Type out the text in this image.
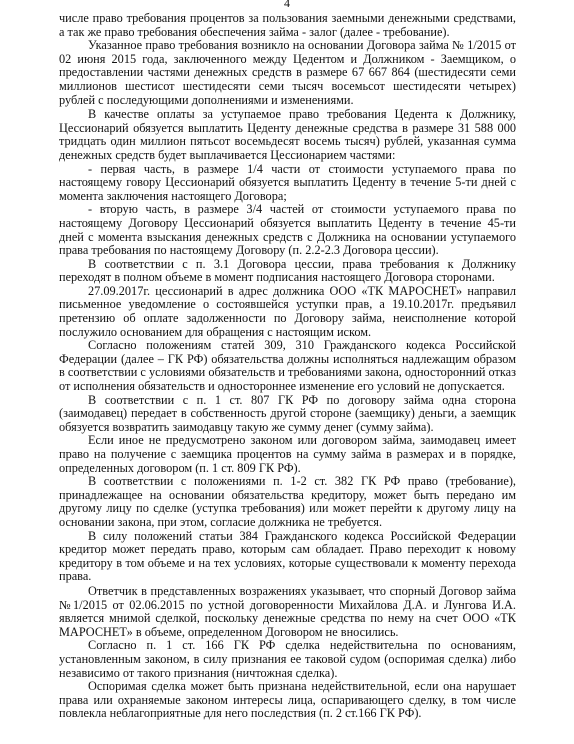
4

числе право требования процентов за пользования заемными денежными средствами, а так же право требования обеспечения займа - залог (далее - требование).

Указанное право требования возникло на основании Договора займа № 1/2015 от 02 июня 2015 года, заключенного между Цедентом и Должником - Заемщиком, о предоставлении частями денежных средств в размере 67 667 864 (шестидесяти семи миллионов шестисот шестидесяти семи тысяч восемьсот шестидесяти четырех) рублей с последующими дополнениями и изменениями.

В качестве оплаты за уступаемое право требования Цедента к Должнику, Цессионарий обязуется выплатить Цеденту денежные средства в размере 31 588 000 тридцать один миллион пятьсот восемьдесят восемь тысяч) рублей, указанная сумма денежных средств будет выплачивается Цессионарием частями:

- первая часть, в размере 1/4 части от стоимости уступаемого права по настоящему говору Цессионарий обязуется выплатить Цеденту в течение 5-ти дней с момента заключения настоящего Договора;

- вторую часть, в размере 3/4 частей от стоимости уступаемого права по настоящему Договору Цессионарий обязуется выплатить Цеденту в течение 45-ти дней с момента взыскания денежных средств с Должника на основании уступаемого права требования по настоящему Договору (п. 2.2-2.3 Договора цессии).

В соответствии с п. 3.1 Договора цессии, права требования к Должнику переходят в полном объеме в момент подписания настоящего Договора сторонами.

27.09.2017г. цессионарий в адрес должника ООО «ТК МАРОСНЕТ» направил письменное уведомление о состоявшейся уступки прав, а 19.10.2017г. предъявил претензию об оплате задолженности по Договору займа, неисполнение которой послужило основанием для обращения с настоящим иском.

Согласно положениям статей 309, 310 Гражданского кодекса Российской Федерации (далее – ГК РФ) обязательства должны исполняться надлежащим образом в соответствии с условиями обязательств и требованиями закона, односторонний отказ от исполнения обязательств и одностороннее изменение его условий не допускается.

В соответствии с п. 1 ст. 807 ГК РФ по договору займа одна сторона (заимодавец) передает в собственность другой стороне (заемщику) деньги, а заемщик обязуется возвратить заимодавцу такую же сумму денег (сумму займа).

Если иное не предусмотрено законом или договором займа, заимодавец имеет право на получение с заемщика процентов на сумму займа в размерах и в порядке, определенных договором (п. 1 ст. 809 ГК РФ).

В соответствии с положениями п. 1-2 ст. 382 ГК РФ право (требование), принадлежащее на основании обязательства кредитору, может быть передано им другому лицу по сделке (уступка требования) или может перейти к другому лицу на основании закона, при этом, согласие должника не требуется.

В силу положений статьи 384 Гражданского кодекса Российской Федерации кредитор может передать право, которым сам обладает. Право переходит к новому кредитору в том объеме и на тех условиях, которые существовали к моменту перехода права.

Ответчик в представленных возражениях указывает, что спорный Договор займа №1/2015 от 02.06.2015 по устной договоренности Михайлова Д.А. и Лунгова И.А. является мнимой сделкой, поскольку денежные средства по нему на счет ООО «ТК МАРОСНЕТ» в объеме, определенном Договором не вносились.

Согласно п. 1 ст. 166 ГК РФ сделка недействительна по основаниям, установленным законом, в силу признания ее таковой судом (оспоримая сделка) либо независимо от такого признания (ничтожная сделка).

Оспоримая сделка может быть признана недействительной, если она нарушает права или охраняемые законом интересы лица, оспаривающего сделку, в том числе повлекла неблагоприятные для него последствия (п. 2 ст.166 ГК РФ).
